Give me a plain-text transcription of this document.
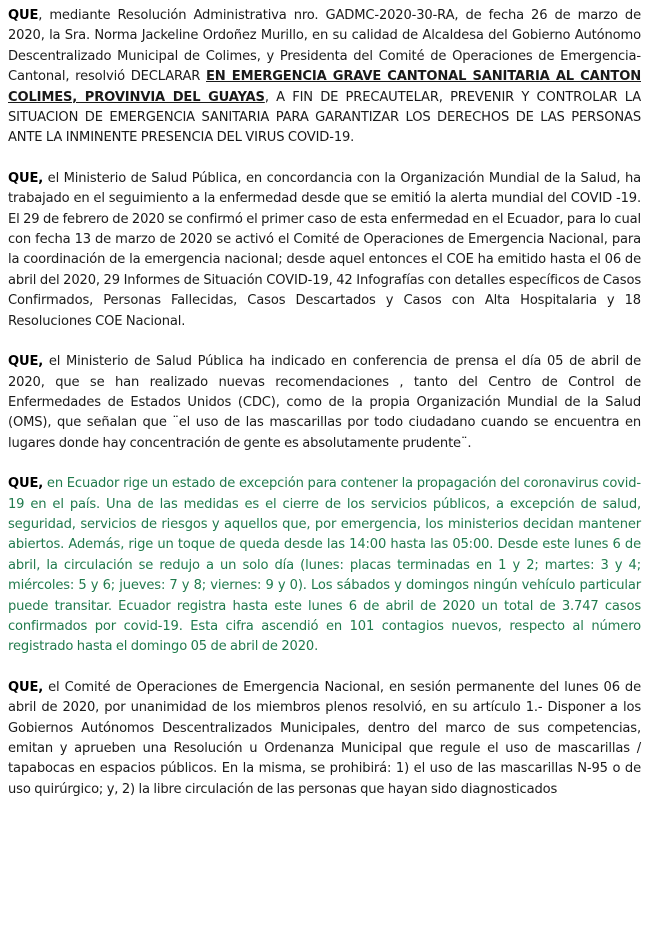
QUE, mediante Resolución Administrativa nro. GADMC-2020-30-RA, de fecha 26 de marzo de 2020, la Sra. Norma Jackeline Ordoñez Murillo, en su calidad de Alcaldesa del Gobierno Autónomo Descentralizado Municipal de Colimes, y Presidenta del Comité de Operaciones de Emergencia-Cantonal, resolvió DECLARAR EN EMERGENCIA GRAVE CANTONAL SANITARIA AL CANTON COLIMES, PROVINVIA DEL GUAYAS, A FIN DE PRECAUTELAR, PREVENIR Y CONTROLAR LA SITUACION DE EMERGENCIA SANITARIA PARA GARANTIZAR LOS DERECHOS DE LAS PERSONAS ANTE LA INMINENTE PRESENCIA DEL VIRUS COVID-19.

QUE, el Ministerio de Salud Pública, en concordancia con la Organización Mundial de la Salud, ha trabajado en el seguimiento a la enfermedad desde que se emitió la alerta mundial del COVID -19. El 29 de febrero de 2020 se confirmó el primer caso de esta enfermedad en el Ecuador, para lo cual con fecha 13 de marzo de 2020 se activó el Comité de Operaciones de Emergencia Nacional, para la coordinación de la emergencia nacional; desde aquel entonces el COE ha emitido hasta el 06 de abril del 2020, 29 Informes de Situación COVID-19, 42 Infografías con detalles específicos de Casos Confirmados, Personas Fallecidas, Casos Descartados y Casos con Alta Hospitalaria y 18 Resoluciones COE Nacional.

QUE, el Ministerio de Salud Pública ha indicado en conferencia de prensa el día 05 de abril de 2020, que se han realizado nuevas recomendaciones , tanto del Centro de Control de Enfermedades de Estados Unidos (CDC), como de la propia Organización Mundial de la Salud (OMS), que señalan que ¨el uso de las mascarillas por todo ciudadano cuando se encuentra en lugares donde hay concentración de gente es absolutamente prudente¨.

QUE, en Ecuador rige un estado de excepción para contener la propagación del coronavirus covid-19 en el país. Una de las medidas es el cierre de los servicios públicos, a excepción de salud, seguridad, servicios de riesgos y aquellos que, por emergencia, los ministerios decidan mantener abiertos. Además, rige un toque de queda desde las 14:00 hasta las 05:00. Desde este lunes 6 de abril, la circulación se redujo a un solo día (lunes: placas terminadas en 1 y 2; martes: 3 y 4; miércoles: 5 y 6; jueves: 7 y 8; viernes: 9 y 0). Los sábados y domingos ningún vehículo particular puede transitar. Ecuador registra hasta este lunes 6 de abril de 2020 un total de 3.747 casos confirmados por covid-19. Esta cifra ascendió en 101 contagios nuevos, respecto al número registrado hasta el domingo 05 de abril de 2020.

QUE, el Comité de Operaciones de Emergencia Nacional, en sesión permanente del lunes 06 de abril de 2020, por unanimidad de los miembros plenos resolvió, en su artículo 1.- Disponer a los Gobiernos Autónomos Descentralizados Municipales, dentro del marco de sus competencias, emitan y aprueben una Resolución u Ordenanza Municipal que regule el uso de mascarillas / tapabocas en espacios públicos. En la misma, se prohibirá: 1) el uso de las mascarillas N-95 o de uso quirúrgico; y, 2) la libre circulación de las personas que hayan sido diagnosticados
